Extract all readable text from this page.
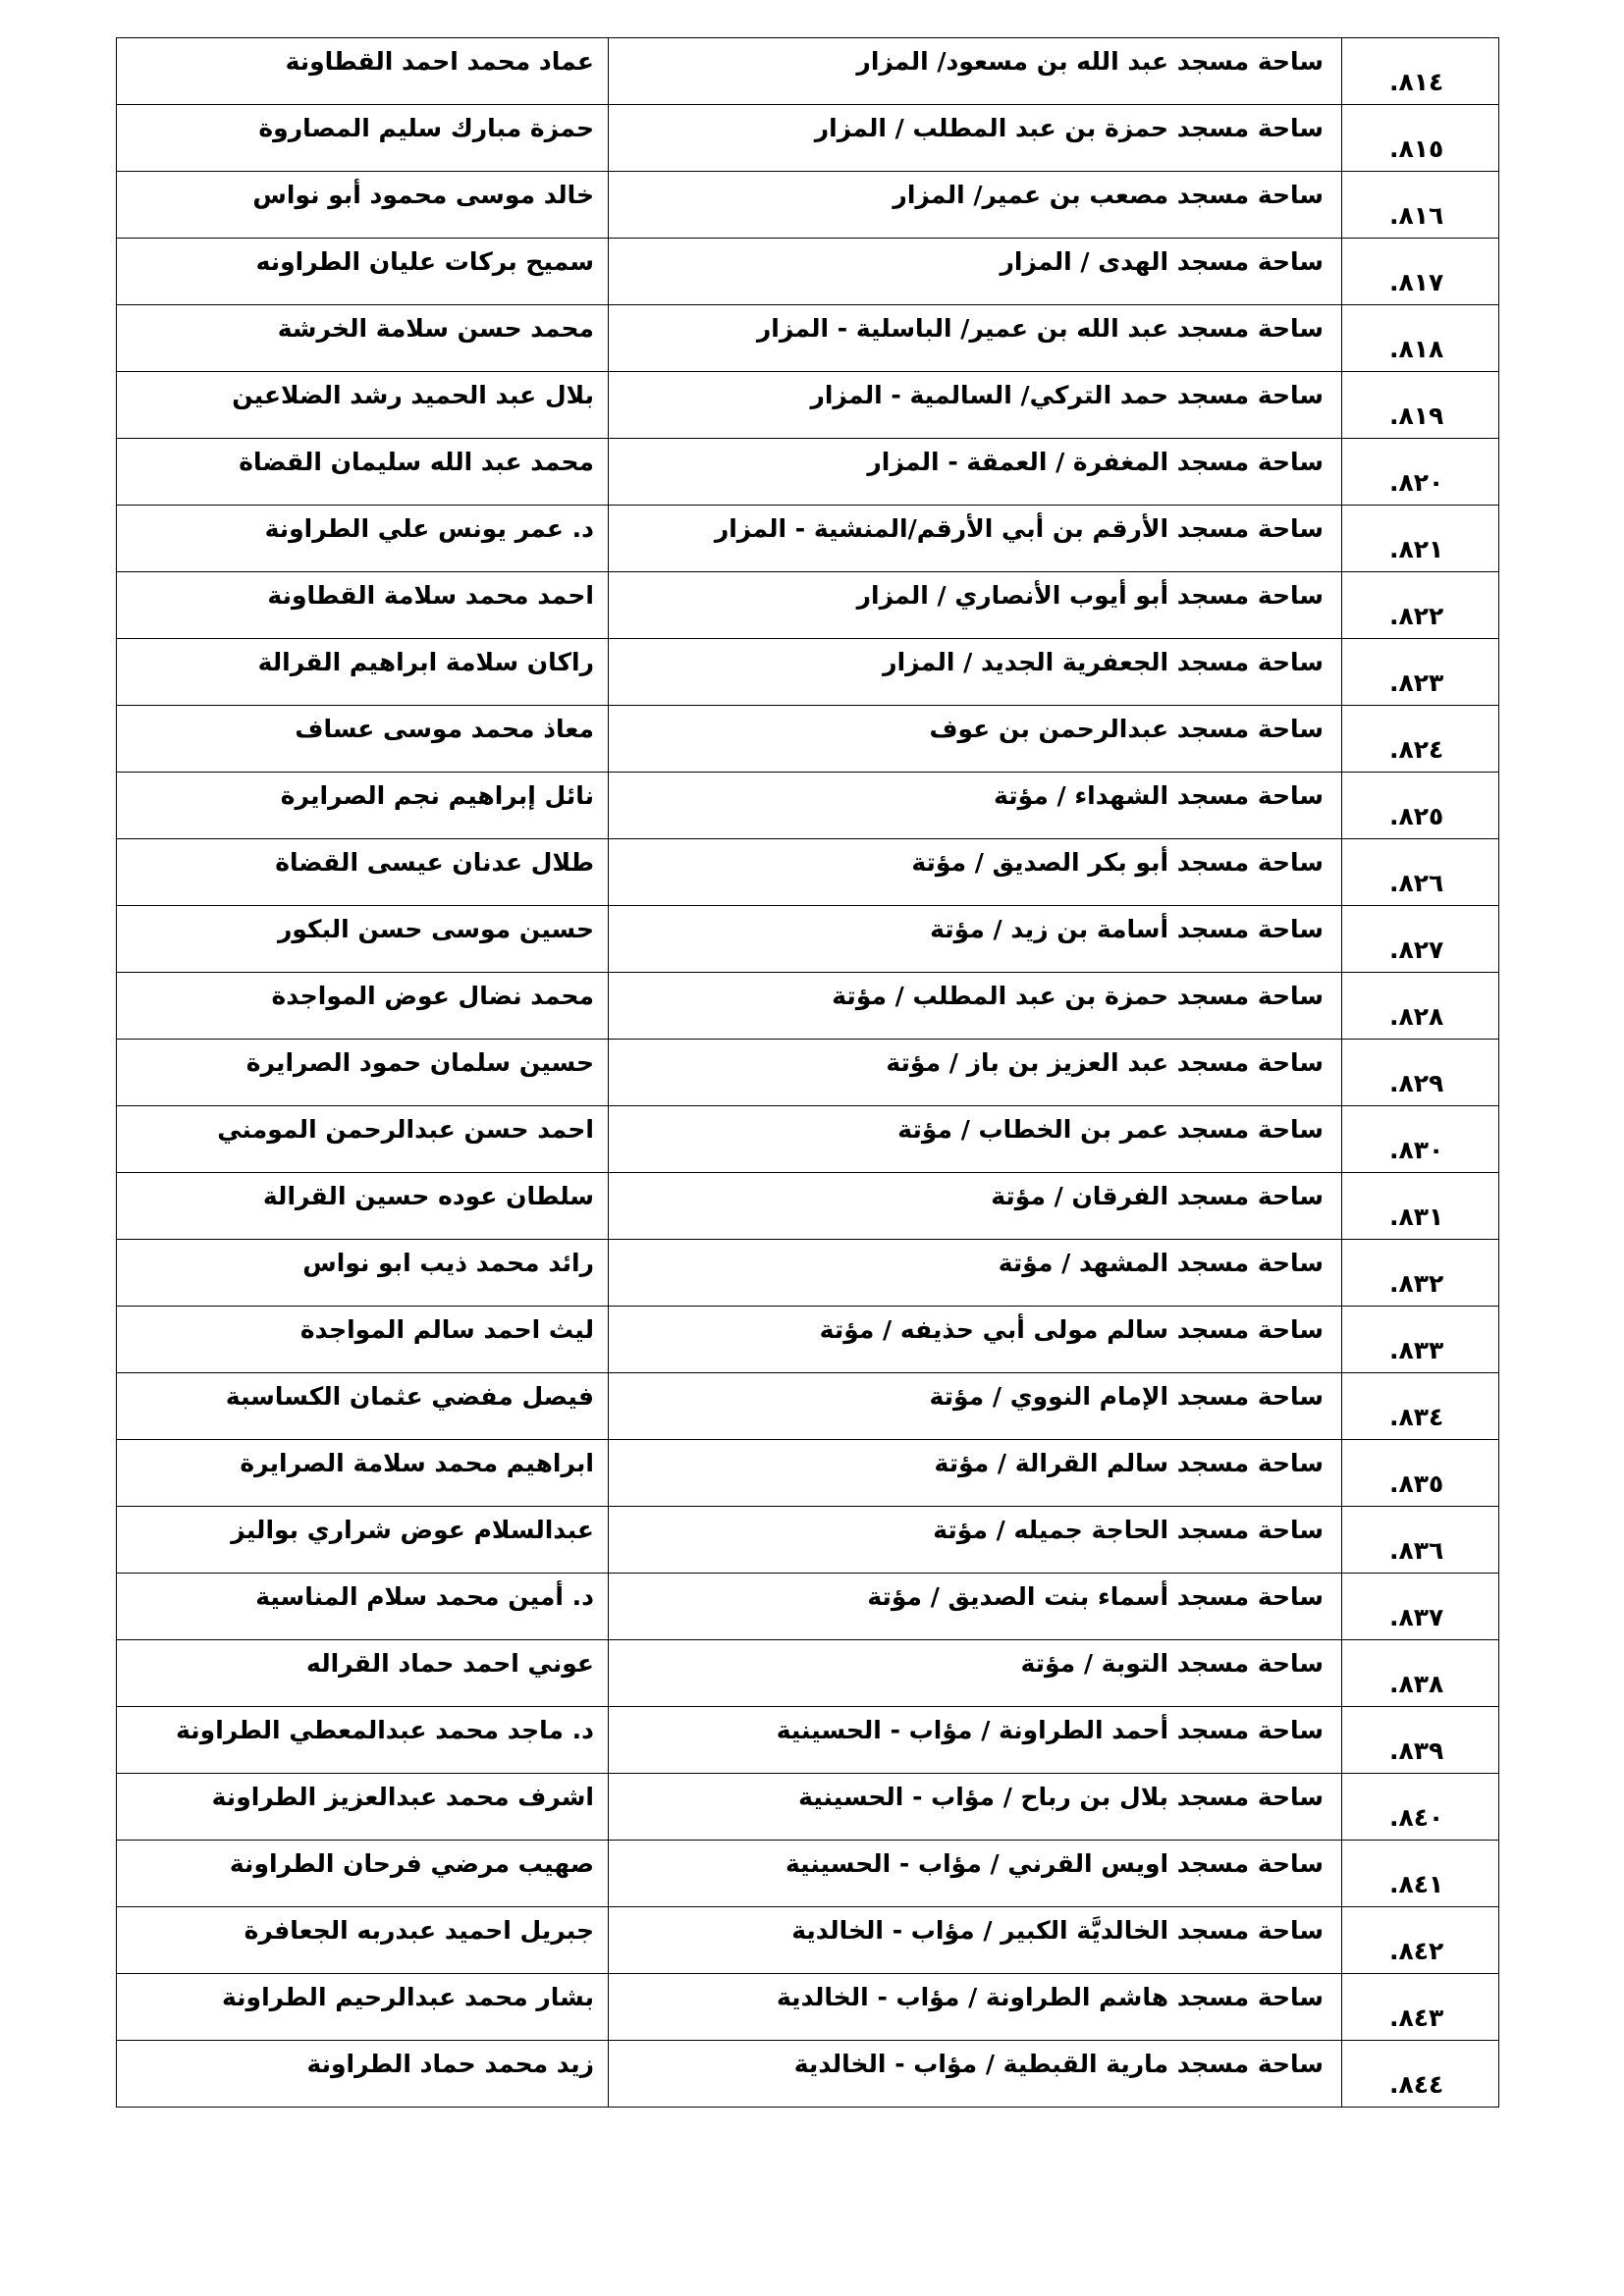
٨١٤.	ساحة مسجد عبد الله بن مسعود/ المزار	عماد محمد احمد القطاونة

٨١٥.	ساحة مسجد حمزة بن عبد المطلب / المزار	حمزة مبارك سليم المصاروة

٨١٦.	ساحة مسجد مصعب بن عمير/ المزار	خالد موسى محمود أبو نواس

٨١٧.	ساحة مسجد الهدى / المزار	سميح بركات عليان الطراونه

٨١٨.	ساحة مسجد عبد الله بن عمير/ الباسلية - المزار	محمد حسن سلامة الخرشة

٨١٩.	ساحة مسجد حمد التركي/ السالمية - المزار	بلال عبد الحميد رشد الضلاعين

٨٢٠.	ساحة مسجد المغفرة / العمقة - المزار	محمد عبد الله سليمان القضاة

٨٢١.	ساحة مسجد الأرقم بن أبي الأرقم/المنشية - المزار	د. عمر يونس علي الطراونة

٨٢٢.	ساحة مسجد أبو أيوب الأنصاري / المزار	احمد محمد سلامة القطاونة

٨٢٣.	ساحة مسجد الجعفرية الجديد / المزار	راكان سلامة ابراهيم القرالة

٨٢٤.	ساحة مسجد عبدالرحمن بن عوف	معاذ محمد موسى عساف

٨٢٥.	ساحة مسجد الشهداء / مؤتة	نائل إبراهيم نجم الصرايرة

٨٢٦.	ساحة مسجد أبو بكر الصديق / مؤتة	طلال عدنان عيسى القضاة

٨٢٧.	ساحة مسجد أسامة بن زيد / مؤتة	حسين موسى حسن البكور

٨٢٨.	ساحة مسجد حمزة بن عبد المطلب / مؤتة	محمد نضال عوض المواجدة

٨٢٩.	ساحة مسجد عبد العزيز بن باز / مؤتة	حسين سلمان حمود الصرايرة

٨٣٠.	ساحة مسجد عمر بن الخطاب / مؤتة	احمد حسن عبدالرحمن المومني

٨٣١.	ساحة مسجد الفرقان / مؤتة	سلطان عوده حسين القرالة

٨٣٢.	ساحة مسجد المشهد / مؤتة	رائد محمد ذيب ابو نواس

٨٣٣.	ساحة مسجد سالم مولى أبي حذيفه / مؤتة	ليث احمد سالم المواجدة

٨٣٤.	ساحة مسجد الإمام النووي / مؤتة	فيصل مفضي عثمان الكساسبة

٨٣٥.	ساحة مسجد سالم القرالة / مؤتة	ابراهيم محمد سلامة الصرايرة

٨٣٦.	ساحة مسجد الحاجة جميله / مؤتة	عبدالسلام عوض شراري بواليز

٨٣٧.	ساحة مسجد أسماء بنت الصديق / مؤتة	د. أمين محمد سلام المناسية

٨٣٨.	ساحة مسجد التوبة / مؤتة	عوني احمد حماد القراله

٨٣٩.	ساحة مسجد أحمد الطراونة / مؤاب - الحسينية	د. ماجد محمد عبدالمعطي الطراونة

٨٤٠.	ساحة مسجد بلال بن رباح / مؤاب - الحسينية	اشرف محمد عبدالعزيز الطراونة

٨٤١.	ساحة مسجد اويس القرني / مؤاب - الحسينية	صهيب مرضي فرحان الطراونة

٨٤٢.	ساحة مسجد الخالديَّة الكبير / مؤاب - الخالدية	جبريل احميد عبدربه الجعافرة

٨٤٣.	ساحة مسجد هاشم الطراونة / مؤاب - الخالدية	بشار محمد عبدالرحيم الطراونة

٨٤٤.	ساحة مسجد مارية القبطية / مؤاب - الخالدية	زيد محمد حماد الطراونة
